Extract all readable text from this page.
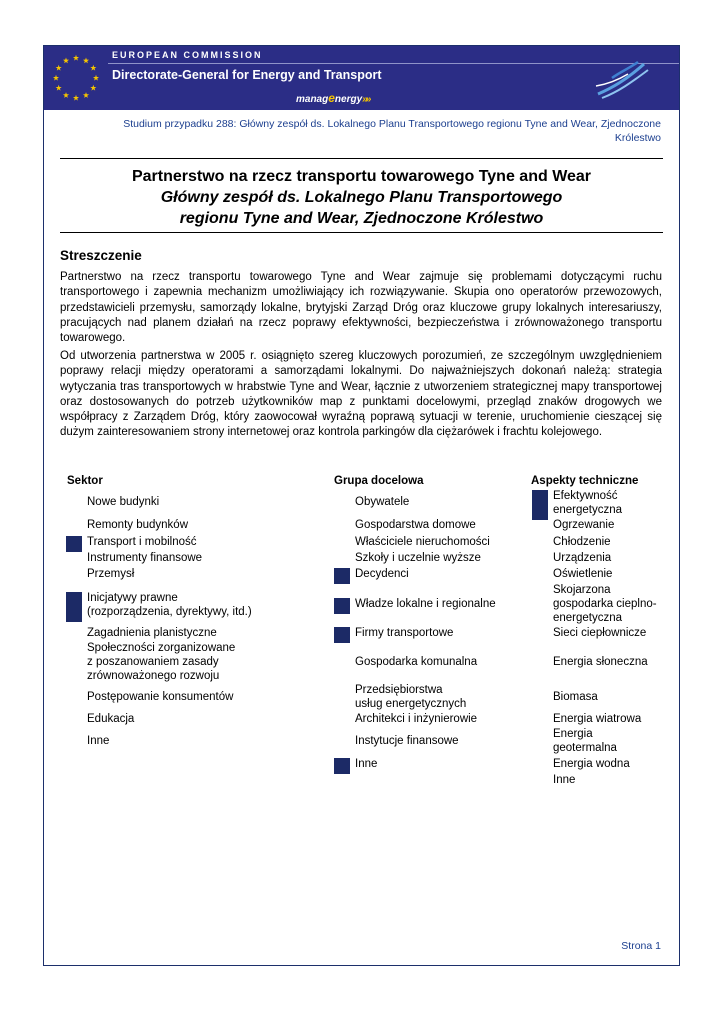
EUROPEAN COMMISSION
Directorate-General for Energy and Transport
managenergy»»
Studium przypadku 288: Główny zespół ds. Lokalnego Planu Transportowego regionu Tyne and Wear, Zjednoczone
Królestwo
Partnerstwo na rzecz transportu towarowego Tyne and Wear
Główny zespół ds. Lokalnego Planu Transportowego
regionu Tyne and Wear, Zjednoczone Królestwo
Streszczenie
Partnerstwo na rzecz transportu towarowego Tyne and Wear zajmuje się problemami dotyczącymi ruchu transportowego i zapewnia mechanizm umożliwiający ich rozwiązywanie. Skupia ono operatorów przewozowych, przedstawicieli przemysłu, samorządy lokalne, brytyjski Zarząd Dróg oraz kluczowe grupy lokalnych interesariuszy, pracujących nad planem działań na rzecz poprawy efektywności, bezpieczeństwa i zrównoważonego transportu towarowego.
Od utworzenia partnerstwa w 2005 r. osiągnięto szereg kluczowych porozumień, ze szczególnym uwzględnieniem poprawy relacji między operatorami a samorządami lokalnymi. Do najważniejszych dokonań należą: strategia wytyczania tras transportowych w hrabstwie Tyne and Wear, łącznie z utworzeniem strategicznej mapy transportowej oraz dostosowanych do potrzeb użytkowników map z punktami docelowymi, przegląd znaków drogowych we współpracy z Zarządem Dróg, który zaowocował wyraźną poprawą sytuacji w terenie, uruchomienie cieszącej się dużym zainteresowaniem strony internetowej oraz kontrola parkingów dla ciężarówek i frachtu kolejowego.
Sektor	Grupa docelowa	Aspekty techniczne
Nowe budynki
Remonty budynków
Transport i mobilność
Instrumenty finansowe
Przemysł
Inicjatywy prawne
(rozporządzenia, dyrektywy, itd.)
Zagadnienia planistyczne
Społeczności zorganizowane
z poszanowaniem zasady
zrównoważonego rozwoju
Postępowanie konsumentów
Edukacja
Inne
Obywatele
Gospodarstwa domowe
Właściciele nieruchomości
Szkoły i uczelnie wyższe
Decydenci
Władze lokalne i regionalne
Firmy transportowe
Gospodarka komunalna
Przedsiębiorstwa
usług energetycznych
Architekci i inżynierowie
Instytucje finansowe
Inne
Efektywność
energetyczna
Ogrzewanie
Chłodzenie
Urządzenia
Oświetlenie
Skojarzona
gospodarka cieplno-
energetyczna
Sieci ciepłownicze
Energia słoneczna
Biomasa
Energia wiatrowa
Energia
geotermalna
Energia wodna
Inne
Strona 1
